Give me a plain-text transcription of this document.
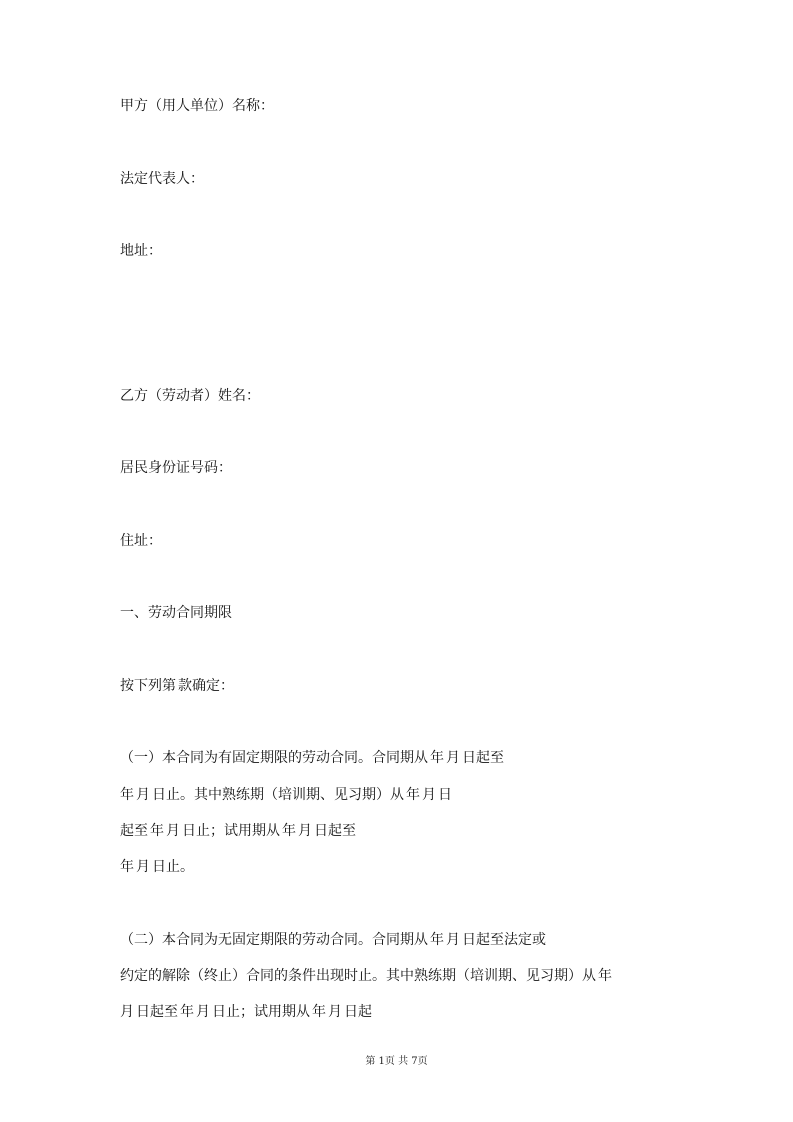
甲方（用人单位）名称：
法定代表人：
地址：
乙方（劳动者）姓名：
居民身份证号码：
住址：
一、劳动合同期限
按下列第 款确定：
（一）本合同为有固定期限的劳动合同。合同期从 年 月 日起至
年 月 日止。其中熟练期（培训期、见习期）从 年 月 日
起至 年 月 日止；试用期从 年 月 日起至
年 月 日止。
（二）本合同为无固定期限的劳动合同。合同期从 年 月 日起至法定或
约定的解除（终止）合同的条件出现时止。其中熟练期（培训期、见习期）从 年
月 日起至 年 月 日止；试用期从 年 月 日起
第 1页 共 7页
